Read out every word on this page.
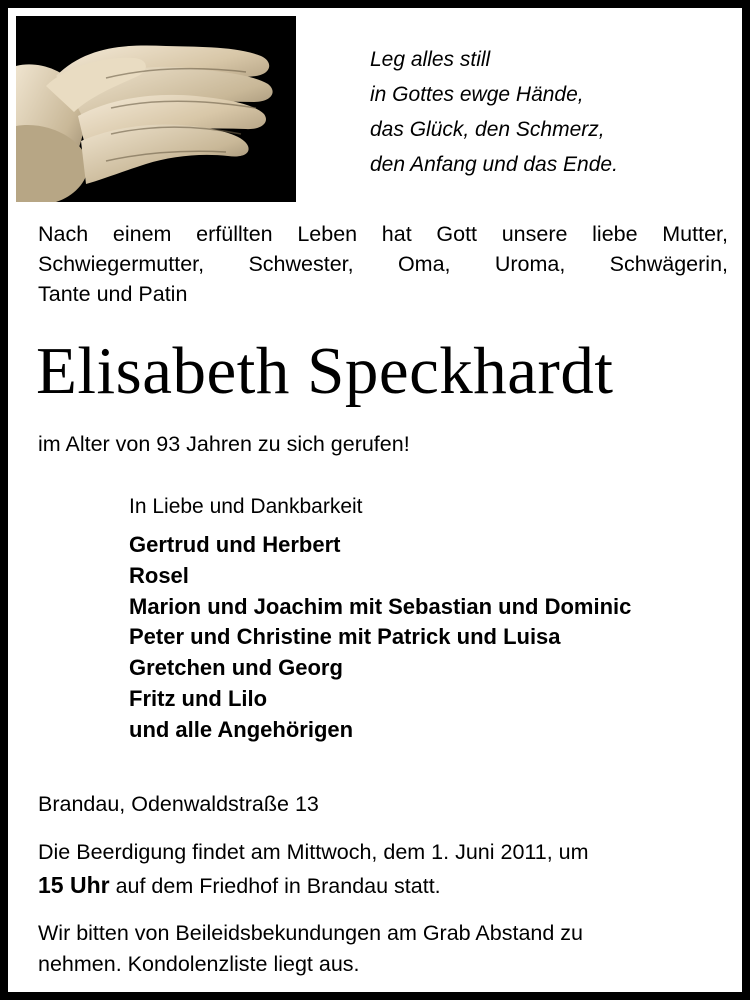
Leg alles still
in Gottes ewge Hände,
das Glück, den Schmerz,
den Anfang und das Ende.
Nach einem erfüllten Leben hat Gott unsere liebe Mutter,
Schwiegermutter, Schwester, Oma, Uroma, Schwägerin,
Tante und Patin
Elisabeth Speckhardt
im Alter von 93 Jahren zu sich gerufen!
In Liebe und Dankbarkeit
Gertrud und Herbert
Rosel
Marion und Joachim mit Sebastian und Dominic
Peter und Christine mit Patrick und Luisa
Gretchen und Georg
Fritz und Lilo
und alle Angehörigen
Brandau, Odenwaldstraße 13
Die Beerdigung findet am Mittwoch, dem 1. Juni 2011, um
15 Uhr auf dem Friedhof in Brandau statt.
Wir bitten von Beileidsbekundungen am Grab Abstand zu
nehmen. Kondolenzliste liegt aus.
